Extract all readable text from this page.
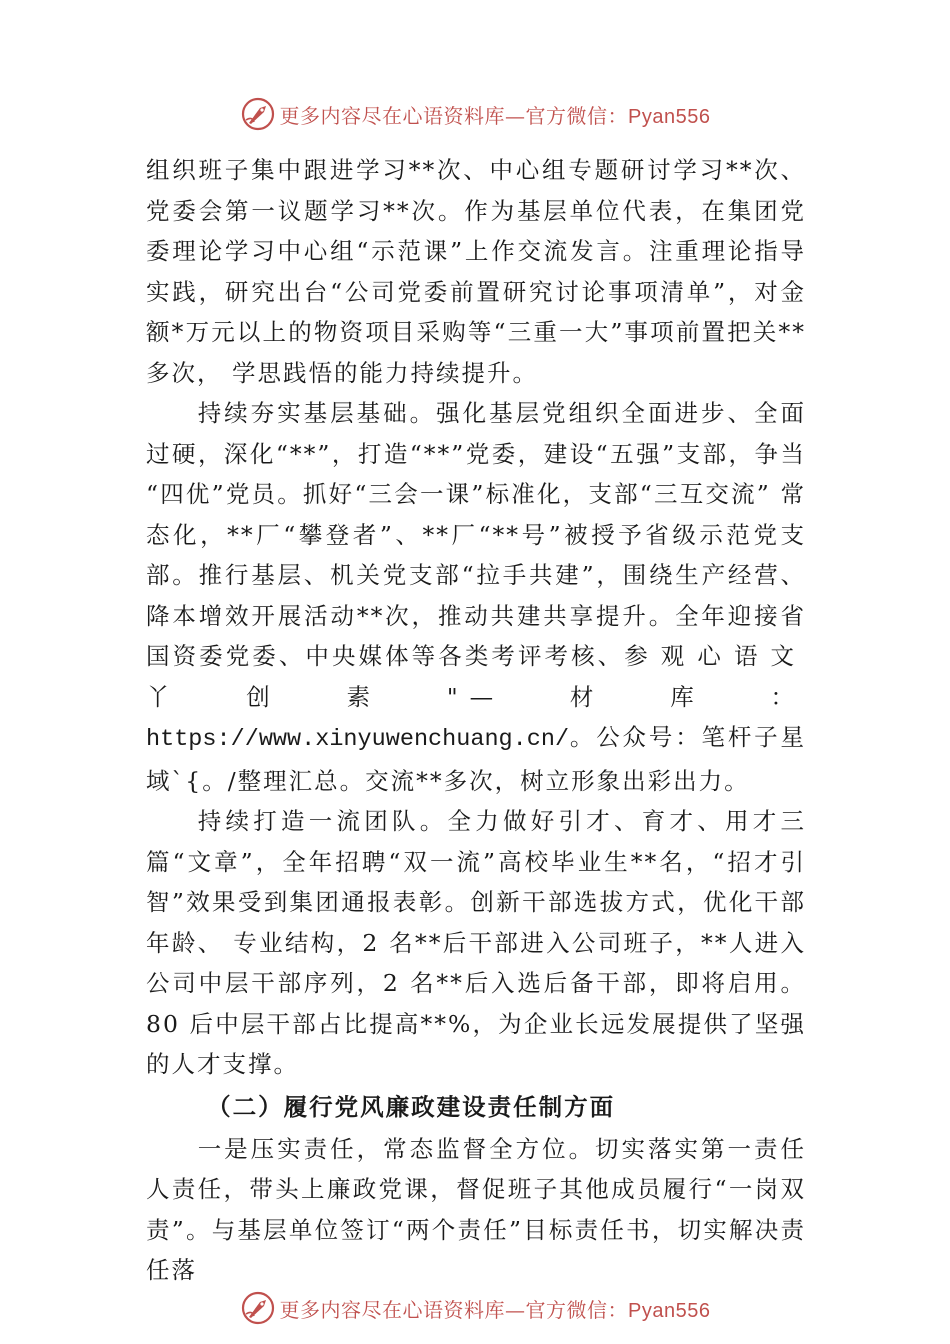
更多内容尽在心语资料库—官方微信：Pyan556

组织班子集中跟进学习**次、中心组专题研讨学习**次、党委会第一议题学习**次。作为基层单位代表，在集团党委理论学习中心组“示范课”上作交流发言。注重理论指导实践，研究出台“公司党委前置研究讨论事项清单”，对金额*万元以上的物资项目采购等“三重一大”事项前置把关**多次， 学思践悟的能力持续提升。

持续夯实基层基础。强化基层党组织全面进步、全面过硬，深化“**”，打造“**”党委，建设“五强”支部，争当 “四优”党员。抓好“三会一课”标准化，支部“三互交流” 常态化，**厂“攀登者”、**厂“**号”被授予省级示范党支部。推行基层、机关党支部“拉手共建”，围绕生产经营、降本增效开展活动**次，推动共建共享提升。全年迎接省国资委党委、中央媒体等各类考评考核、参观心语文丫创素"—材库：https://www.xinyuwenchuang.cn/。公众号：笔杆子星域`{。/整理汇总。交流**多次，树立形象出彩出力。

持续打造一流团队。全力做好引才、育才、用才三篇“文章”，全年招聘“双一流”高校毕业生**名，“招才引智”效果受到集团通报表彰。创新干部选拔方式，优化干部年龄、 专业结构，2 名**后干部进入公司班子，**人进入公司中层干部序列，2 名**后入选后备干部，即将启用。80 后中层干部占比提高**%，为企业长远发展提供了坚强的人才支撑。

（二）履行党风廉政建设责任制方面

一是压实责任，常态监督全方位。切实落实第一责任人责任，带头上廉政党课，督促班子其他成员履行“一岗双责”。与基层单位签订“两个责任”目标责任书，切实解决责任落

更多内容尽在心语资料库—官方微信：Pyan556
